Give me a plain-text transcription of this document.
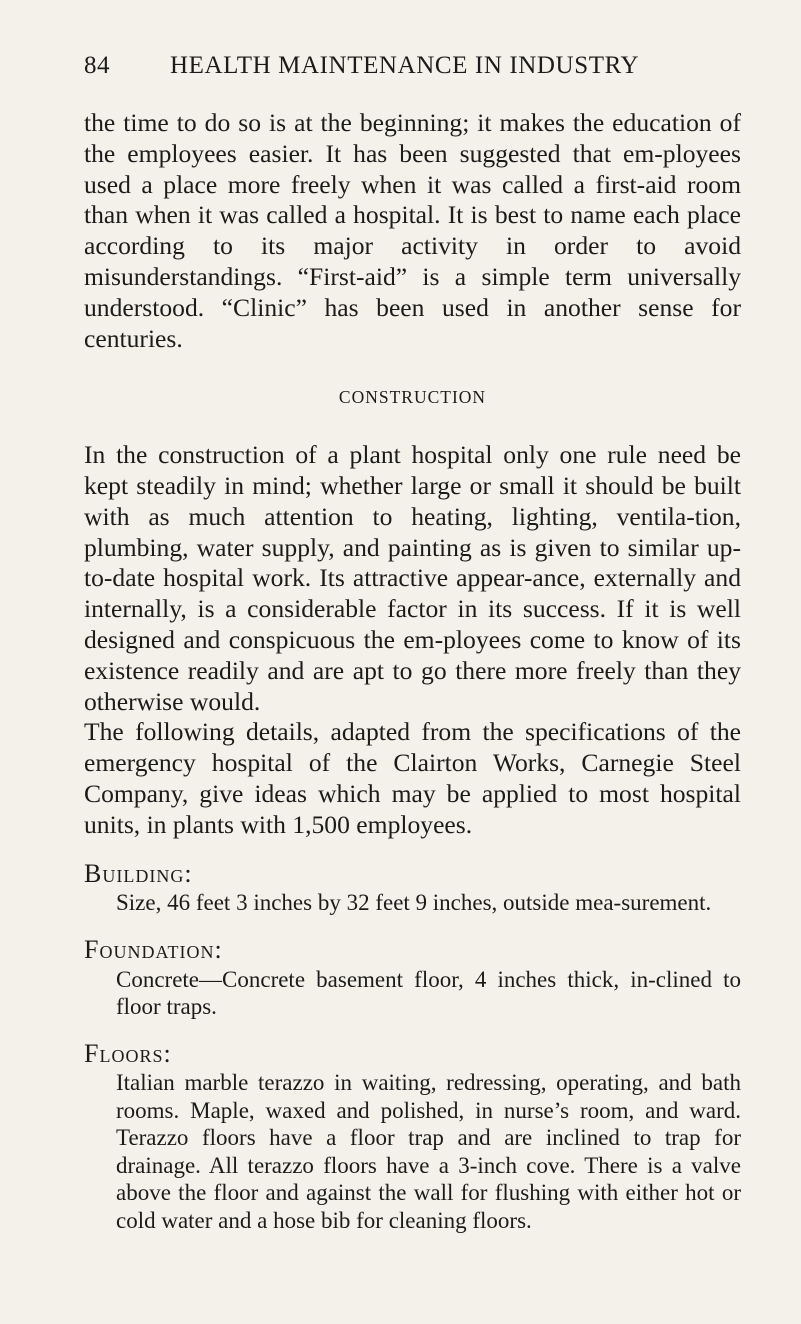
84 HEALTH MAINTENANCE IN INDUSTRY

the time to do so is at the beginning; it makes the education of the employees easier. It has been suggested that em-ployees used a place more freely when it was called a first-aid room than when it was called a hospital. It is best to name each place according to its major activity in order to avoid misunderstandings. “First-aid” is a simple term universally understood. “Clinic” has been used in another sense for centuries.

CONSTRUCTION

In the construction of a plant hospital only one rule need be kept steadily in mind; whether large or small it should be built with as much attention to heating, lighting, ventila-tion, plumbing, water supply, and painting as is given to similar up-to-date hospital work. Its attractive appear-ance, externally and internally, is a considerable factor in its success. If it is well designed and conspicuous the em-ployees come to know of its existence readily and are apt to go there more freely than they otherwise would.

The following details, adapted from the specifications of the emergency hospital of the Clairton Works, Carnegie Steel Company, give ideas which may be applied to most hospital units, in plants with 1,500 employees.

Building:

Size, 46 feet 3 inches by 32 feet 9 inches, outside mea-surement.

Foundation:

Concrete—Concrete basement floor, 4 inches thick, in-clined to floor traps.

Floors:

Italian marble terazzo in waiting, redressing, operating, and bath rooms. Maple, waxed and polished, in nurse’s room, and ward. Terazzo floors have a floor trap and are inclined to trap for drainage. All terazzo floors have a 3-inch cove. There is a valve above the floor and against the wall for flushing with either hot or cold water and a hose bib for cleaning floors.
